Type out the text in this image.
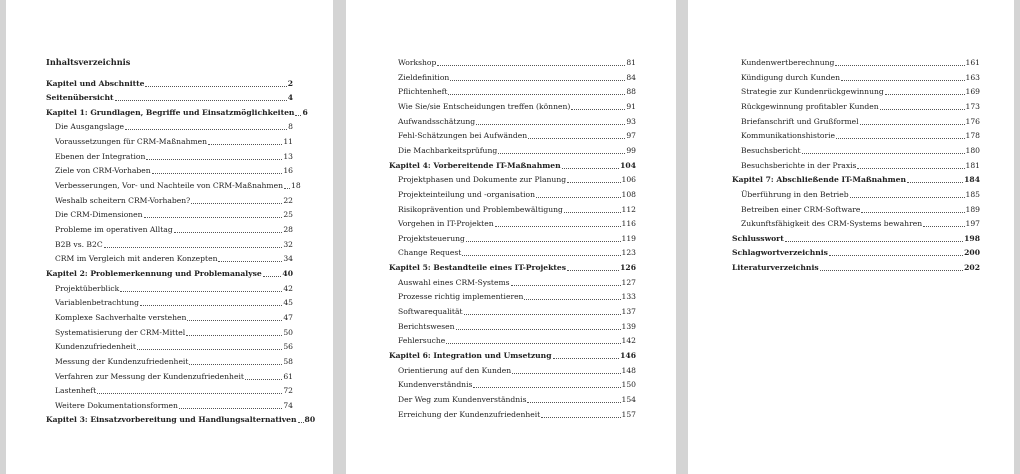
Inhaltsverzeichnis
Kapitel und Abschnitte	2
Seitenübersicht	4
Kapitel 1: Grundlagen, Begriffe und Einsatzmöglichkeiten 6
Die Ausgangslage	8
Voraussetzungen für CRM-Maßnahmen	11
Ebenen der Integration	13
Ziele von CRM-Vorhaben	16
Verbesserungen, Vor- und Nachteile von CRM-Maßnahmen 18
Weshalb scheitern CRM-Vorhaben?	22
Die CRM-Dimensionen	25
Probleme im operativen Alltag	28
B2B vs. B2C	32
CRM im Vergleich mit anderen Konzepten	34
Kapitel 2: Problemerkennung und Problemanalyse	40
Projektüberblick	42
Variablenbetrachtung	45
Komplexe Sachverhalte verstehen	47
Systematisierung der CRM-Mittel	50
Kundenzufriedenheit	56
Messung der Kundenzufriedenheit	58
Verfahren zur Messung der Kundenzufriedenheit	61
Lastenheft	72
Weitere Dokumentationsformen	74
Kapitel 3: Einsatzvorbereitung und Handlungsalternativen 80
Workshop	81
Zieldefinition	84
Pflichtenheft	88
Wie Sie/sie Entscheidungen treffen (können)	91
Aufwandsschätzung	93
Fehl-Schätzungen bei Aufwänden	97
Die Machbarkeitsprüfung	99
Kapitel 4: Vorbereitende IT-Maßnahmen	104
Projektphasen und Dokumente zur Planung	106
Projekteinteilung und -organisation	108
Risikoprävention und Problembewältigung	112
Vorgehen in IT-Projekten	116
Projektsteuerung	119
Change Request	123
Kapitel 5: Bestandteile eines IT-Projektes	126
Auswahl eines CRM-Systems	127
Prozesse richtig implementieren	133
Softwarequalität	137
Berichtswesen	139
Fehlersuche	142
Kapitel 6: Integration und Umsetzung	146
Orientierung auf den Kunden	148
Kundenverständnis	150
Der Weg zum Kundenverständnis	154
Erreichung der Kundenzufriedenheit	157
Kundenwertberechnung	161
Kündigung durch Kunden	163
Strategie zur Kundenrückgewinnung	169
Rückgewinnung profitabler Kunden	173
Briefanschrift und Grußformel	176
Kommunikationshistorie	178
Besuchsbericht	180
Besuchsberichte in der Praxis	181
Kapitel 7: Abschließende IT-Maßnahmen	184
Überführung in den Betrieb	185
Betreiben einer CRM-Software	189
Zukunftsfähigkeit des CRM-Systems bewahren	197
Schlusswort	198
Schlagwortverzeichnis	200
Literaturverzeichnis	202
